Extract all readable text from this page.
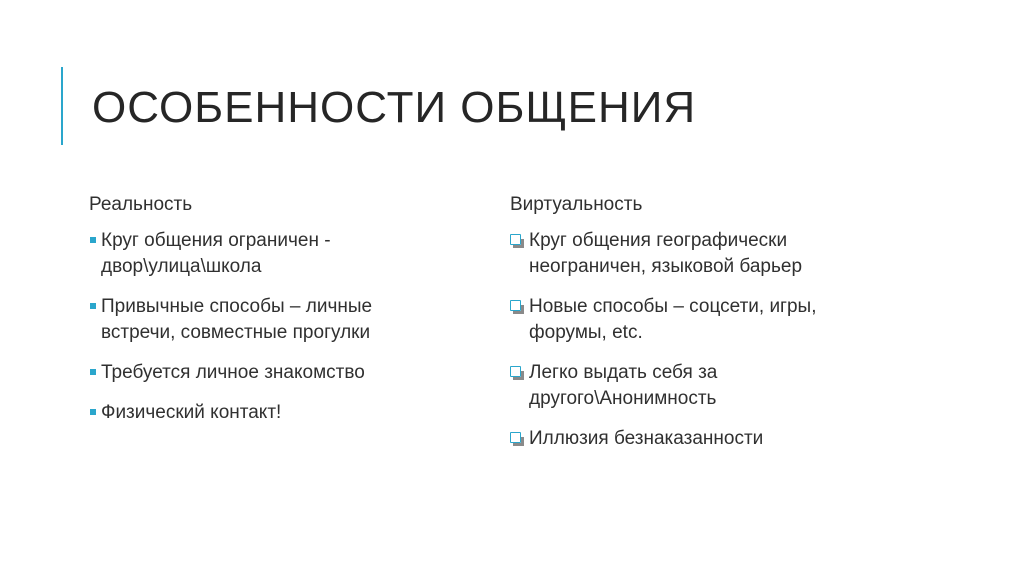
ОСОБЕННОСТИ ОБЩЕНИЯ
Реальность
Круг общения ограничен - двор\улица\школа
Привычные способы – личные встречи, совместные прогулки
Требуется личное знакомство
Физический контакт!
Виртуальность
Круг общения географически неограничен, языковой барьер
Новые способы – соцсети, игры, форумы, etc.
Легко выдать себя за другого\Анонимность
Иллюзия безнаказанности
